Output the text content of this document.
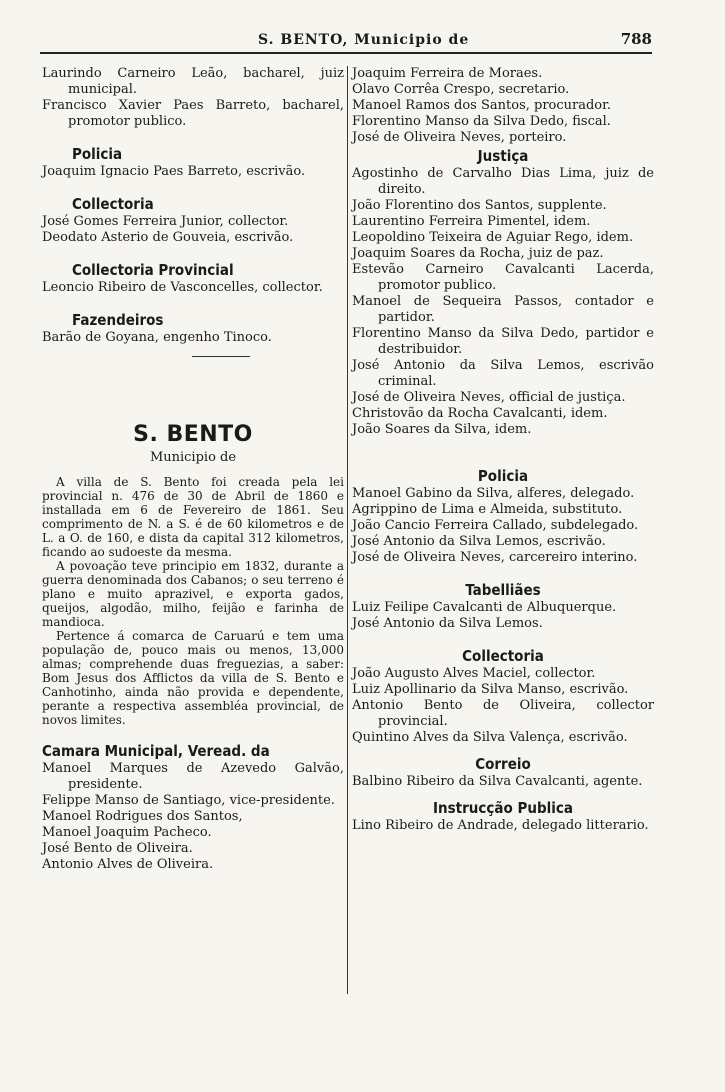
S. BENTO, Municipio de	788

Laurindo Carneiro Leão, bacharel, juiz municipal.

Francisco Xavier Paes Barreto, bacharel, promotor publico.

Policia

Joaquim Ignacio Paes Barreto, escrivão.

Collectoria

José Gomes Ferreira Junior, collector.

Deodato Asterio de Gouveia, escrivão.

Collectoria Provincial

Leoncio Ribeiro de Vasconcelles, collector.

Fazendeiros

Barão de Goyana, engenho Tinoco.

S. BENTO

Municipio de

A villa de S. Bento foi creada pela lei provincial n. 476 de 30 de Abril de 1860 e installada em 6 de Fevereiro de 1861. Seu comprimento de N. a S. é de 60 kilometros e de L. a O. de 160, e dista da capital 312 kilometros, ficando ao sudoeste da mesma.

A povoação teve principio em 1832, durante a guerra denominada dos Cabanos; o seu terreno é plano e muito aprazivel, e exporta gados, queijos, algodão, milho, feijão e farinha de mandioca.

Pertence á comarca de Caruarú e tem uma população de, pouco mais ou menos, 13,000 almas; comprehende duas freguezias, a saber: Bom Jesus dos Afflictos da villa de S. Bento e Canhotinho, ainda não provida e dependente, perante a respectiva assembléa provincial, de novos limites.

Camara Municipal, Veread. da

Manoel Marques de Azevedo Galvão, presidente.

Felippe Manso de Santiago, vice-presidente.

Manoel Rodrigues dos Santos,

Manoel Joaquim Pacheco.

José Bento de Oliveira.

Antonio Alves de Oliveira.

Joaquim Ferreira de Moraes.

Olavo Corrêa Crespo, secretario.

Manoel Ramos dos Santos, procurador.

Florentino Manso da Silva Dedo, fiscal.

José de Oliveira Neves, porteiro.

Justiça

Agostinho de Carvalho Dias Lima, juiz de direito.

João Florentino dos Santos, supplente.

Laurentino Ferreira Pimentel, idem.

Leopoldino Teixeira de Aguiar Rego, idem.

Joaquim Soares da Rocha, juiz de paz.

Estevão Carneiro Cavalcanti Lacerda, promotor publico.

Manoel de Sequeira Passos, contador e partidor.

Florentino Manso da Silva Dedo, partidor e destribuidor.

José Antonio da Silva Lemos, escrivão criminal.

José de Oliveira Neves, official de justiça.

Christovão da Rocha Cavalcanti, idem.

João Soares da Silva, idem.

Policia

Manoel Gabino da Silva, alferes, delegado.

Agrippino de Lima e Almeida, substituto.

João Cancio Ferreira Callado, subdelegado.

José Antonio da Silva Lemos, escrivão.

José de Oliveira Neves, carcereiro interino.

Tabelliães

Luiz Feilipe Cavalcanti de Albuquerque.

José Antonio da Silva Lemos.

Collectoria

João Augusto Alves Maciel, collector.

Luiz Apollinario da Silva Manso, escrivão.

Antonio Bento de Oliveira, collector provincial.

Quintino Alves da Silva Valença, escrivão.

Correio

Balbino Ribeiro da Silva Cavalcanti, agente.

Instrucção Publica

Lino Ribeiro de Andrade, delegado litterario.
